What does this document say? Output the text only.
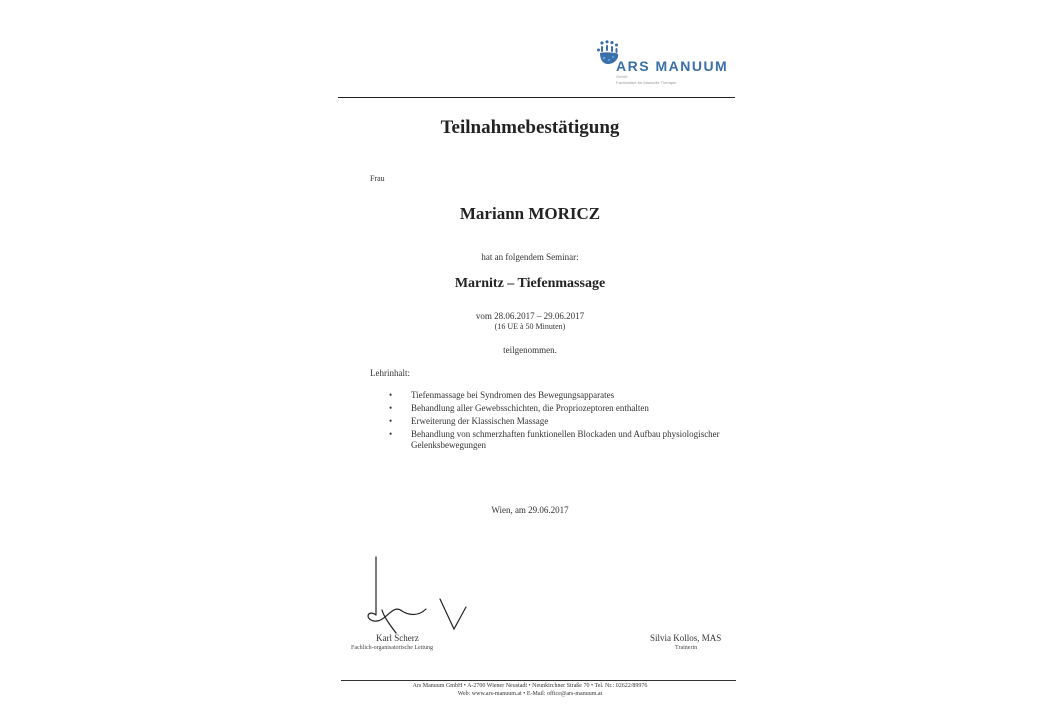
ARS MANUUM
GmbH
Fachinstitut für Manuelle Therapie
Teilnahmebestätigung
Frau
Mariann MORICZ
hat an folgendem Seminar:
Marnitz – Tiefenmassage
vom 28.06.2017 – 29.06.2017
(16 UE à 50 Minuten)
teilgenommen.
Lehrinhalt:
• Tiefenmassage bei Syndromen des Bewegungsapparates
• Behandlung aller Gewebsschichten, die Propriozeptoren enthalten
• Erweiterung der Klassischen Massage
• Behandlung von schmerzhaften funktionellen Blockaden und Aufbau physiologischer Gelenksbewegungen
Wien, am 29.06.2017
Karl Scherz
Fachlich-organisatorische Leitung
Silvia Kollos, MAS
Trainerin
Ars Manuum GmbH • A-2700 Wiener Neustadt • Neunkirchner Straße 70 • Tel. Nr.: 02622/89976
Web: www.ars-manuum.at • E-Mail: office@ars-manuum.at
